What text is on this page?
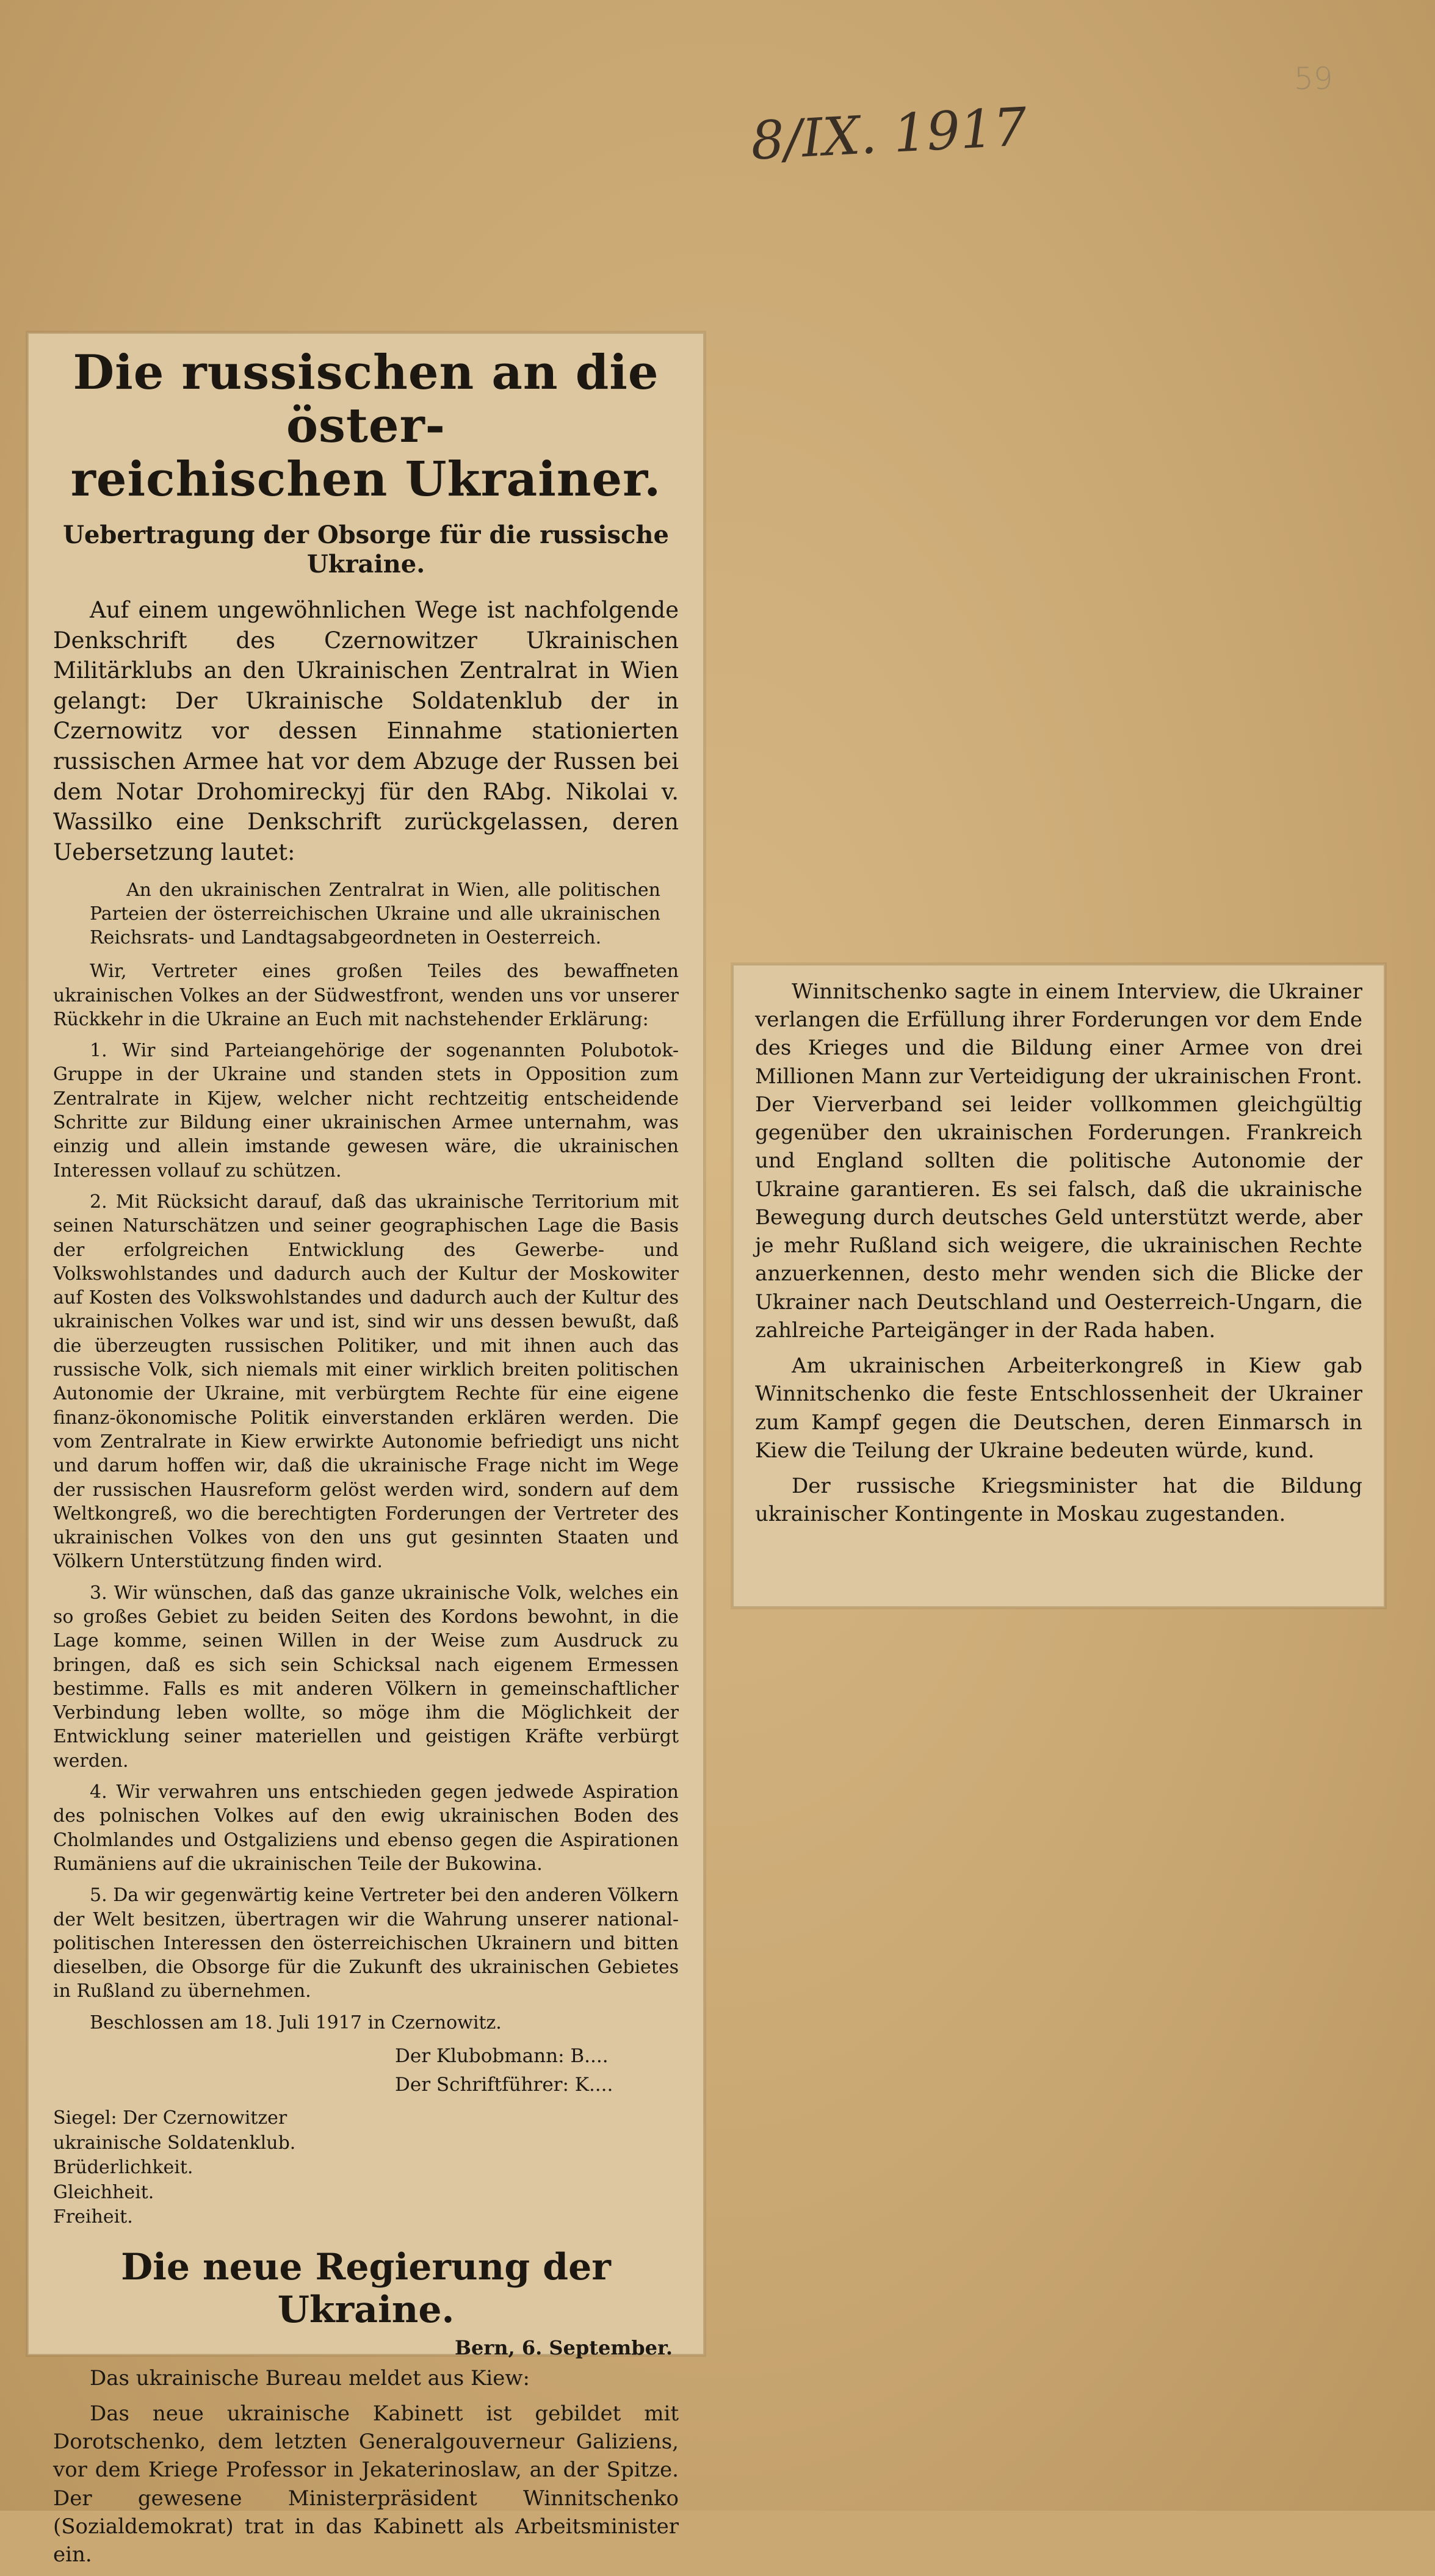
59
8/IX. 1917
Die russischen an die öster-
reichischen Ukrainer.
Uebertragung der Obsorge für die russische Ukraine.

Auf einem ungewöhnlichen Wege ist nachfolgende Denkschrift des Czernowitzer Ukrainischen Militärklubs an den Ukrainischen Zentralrat in Wien gelangt: Der Ukrainische Soldatenklub der in Czernowitz vor dessen Einnahme stationierten russischen Armee hat vor dem Abzuge der Russen bei dem Notar Drohomireckyj für den RAbg. Nikolai v. Wassilko eine Denkschrift zurückgelassen, deren Uebersetzung lautet:

An den ukrainischen Zentralrat in Wien, alle politischen Parteien der österreichischen Ukraine und alle ukrainischen Reichsrats- und Landtagsabgeordneten in Oesterreich.

Wir, Vertreter eines großen Teiles des bewaffneten ukrainischen Volkes an der Südwestfront, wenden uns vor unserer Rückkehr in die Ukraine an Euch mit nachstehender Erklärung:

1. Wir sind Parteiangehörige der sogenannten Polubotok-Gruppe in der Ukraine und standen stets in Opposition zum Zentralrate in Kijew, welcher nicht rechtzeitig entscheidende Schritte zur Bildung einer ukrainischen Armee unternahm, was einzig und allein imstande gewesen wäre, die ukrainischen Interessen vollauf zu schützen.

2. Mit Rücksicht darauf, daß das ukrainische Territorium mit seinen Naturschätzen und seiner geographischen Lage die Basis der erfolgreichen Entwicklung des Gewerbe- und Volkswohlstandes und dadurch auch der Kultur der Moskowiter auf Kosten des Volkswohlstandes und dadurch auch der Kultur des ukrainischen Volkes war und ist, sind wir uns dessen bewußt, daß die überzeugten russischen Politiker, und mit ihnen auch das russische Volk, sich niemals mit einer wirklich breiten politischen Autonomie der Ukraine, mit verbürgtem Rechte für eine eigene finanz-ökonomische Politik einverstanden erklären werden. Die vom Zentralrate in Kiew erwirkte Autonomie befriedigt uns nicht und darum hoffen wir, daß die ukrainische Frage nicht im Wege der russischen Hausreform gelöst werden wird, sondern auf dem Weltkongreß, wo die berechtigten Forderungen der Vertreter des ukrainischen Volkes von den uns gut gesinnten Staaten und Völkern Unterstützung finden wird.

3. Wir wünschen, daß das ganze ukrainische Volk, welches ein so großes Gebiet zu beiden Seiten des Kordons bewohnt, in die Lage komme, seinen Willen in der Weise zum Ausdruck zu bringen, daß es sich sein Schicksal nach eigenem Ermessen bestimme. Falls es mit anderen Völkern in gemeinschaftlicher Verbindung leben wollte, so möge ihm die Möglichkeit der Entwicklung seiner materiellen und geistigen Kräfte verbürgt werden.

4. Wir verwahren uns entschieden gegen jedwede Aspiration des polnischen Volkes auf den ewig ukrainischen Boden des Cholmlandes und Ostgaliziens und ebenso gegen die Aspirationen Rumäniens auf die ukrainischen Teile der Bukowina.

5. Da wir gegenwärtig keine Vertreter bei den anderen Völkern der Welt besitzen, übertragen wir die Wahrung unserer national-politischen Interessen den österreichischen Ukrainern und bitten dieselben, die Obsorge für die Zukunft des ukrainischen Gebietes in Rußland zu übernehmen.

Beschlossen am 18. Juli 1917 in Czernowitz.

Der Klubobmann: B....

Der Schriftführer: K....

Siegel: Der Czernowitzer
ukrainische Soldatenklub.
Brüderlichkeit.
Gleichheit.
Freiheit.

Die neue Regierung der Ukraine.

Bern, 6. September.

Das ukrainische Bureau meldet aus Kiew:

Das neue ukrainische Kabinett ist gebildet mit Dorotschenko, dem letzten Generalgouverneur Galiziens, vor dem Kriege Professor in Jekaterinoslaw, an der Spitze. Der gewesene Ministerpräsident Winnitschenko (Sozialdemokrat) trat in das Kabinett als Arbeitsminister ein.

Winnitschenko sagte in einem Interview, die Ukrainer verlangen die Erfüllung ihrer Forderungen vor dem Ende des Krieges und die Bildung einer Armee von drei Millionen Mann zur Verteidigung der ukrainischen Front. Der Vierverband sei leider vollkommen gleichgültig gegenüber den ukrainischen Forderungen. Frankreich und England sollten die politische Autonomie der Ukraine garantieren. Es sei falsch, daß die ukrainische Bewegung durch deutsches Geld unterstützt werde, aber je mehr Rußland sich weigere, die ukrainischen Rechte anzuerkennen, desto mehr wenden sich die Blicke der Ukrainer nach Deutschland und Oesterreich-Ungarn, die zahlreiche Parteigänger in der Rada haben.

Am ukrainischen Arbeiterkongreß in Kiew gab Winnitschenko die feste Entschlossenheit der Ukrainer zum Kampf gegen die Deutschen, deren Einmarsch in Kiew die Teilung der Ukraine bedeuten würde, kund.

Der russische Kriegsminister hat die Bildung ukrainischer Kontingente in Moskau zugestanden.
